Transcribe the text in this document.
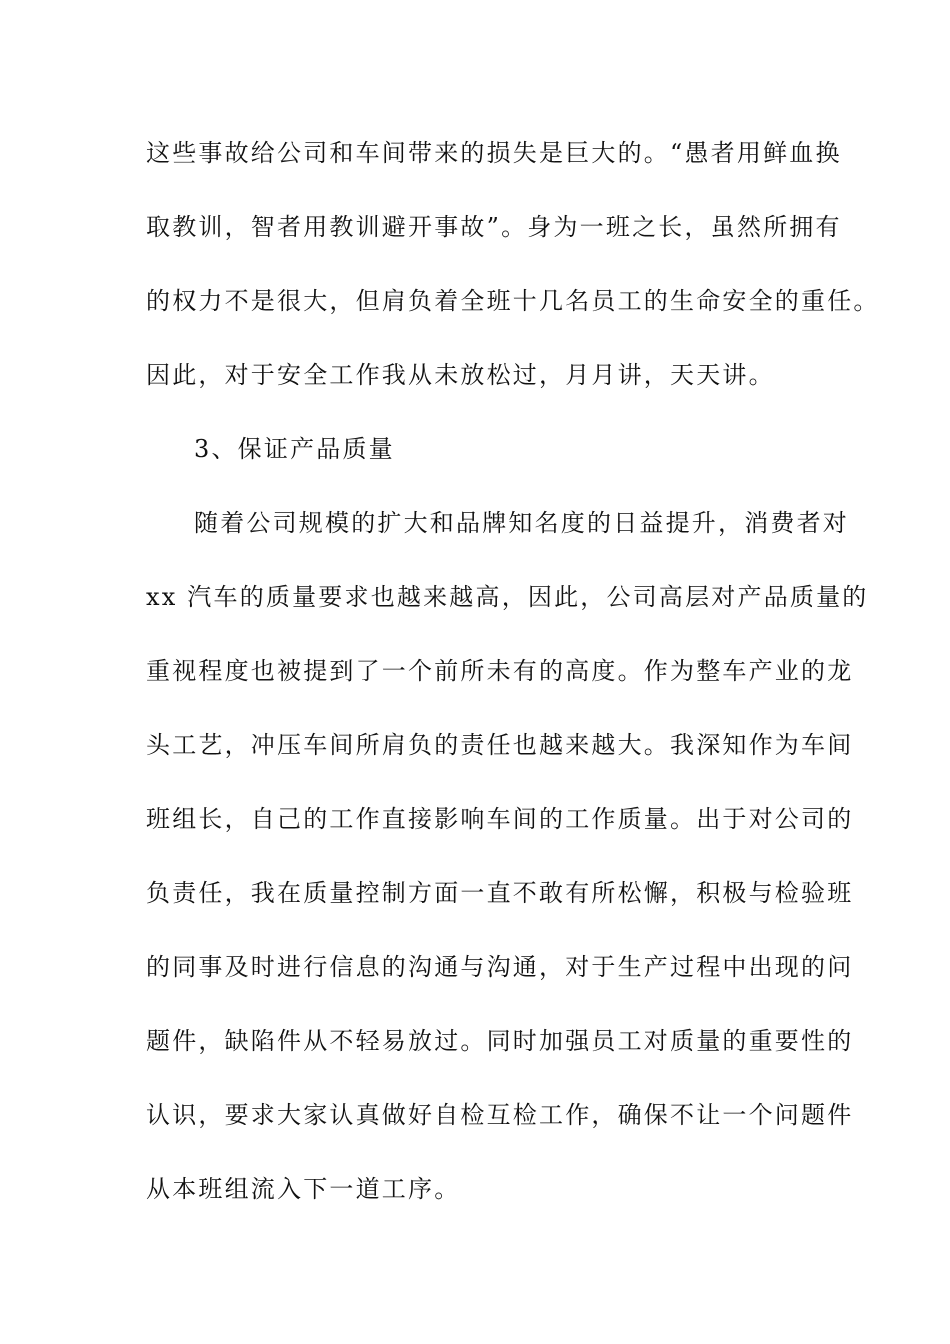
这些事故给公司和车间带来的损失是巨大的。“愚者用鲜血换
取教训，智者用教训避开事故”。身为一班之长，虽然所拥有
的权力不是很大，但肩负着全班十几名员工的生命安全的重任。
因此，对于安全工作我从未放松过，月月讲，天天讲。
3、保证产品质量
随着公司规模的扩大和品牌知名度的日益提升，消费者对
xx 汽车的质量要求也越来越高，因此，公司高层对产品质量的
重视程度也被提到了一个前所未有的高度。作为整车产业的龙
头工艺，冲压车间所肩负的责任也越来越大。我深知作为车间
班组长，自己的工作直接影响车间的工作质量。出于对公司的
负责任，我在质量控制方面一直不敢有所松懈，积极与检验班
的同事及时进行信息的沟通与沟通，对于生产过程中出现的问
题件，缺陷件从不轻易放过。同时加强员工对质量的重要性的
认识，要求大家认真做好自检互检工作，确保不让一个问题件
从本班组流入下一道工序。
